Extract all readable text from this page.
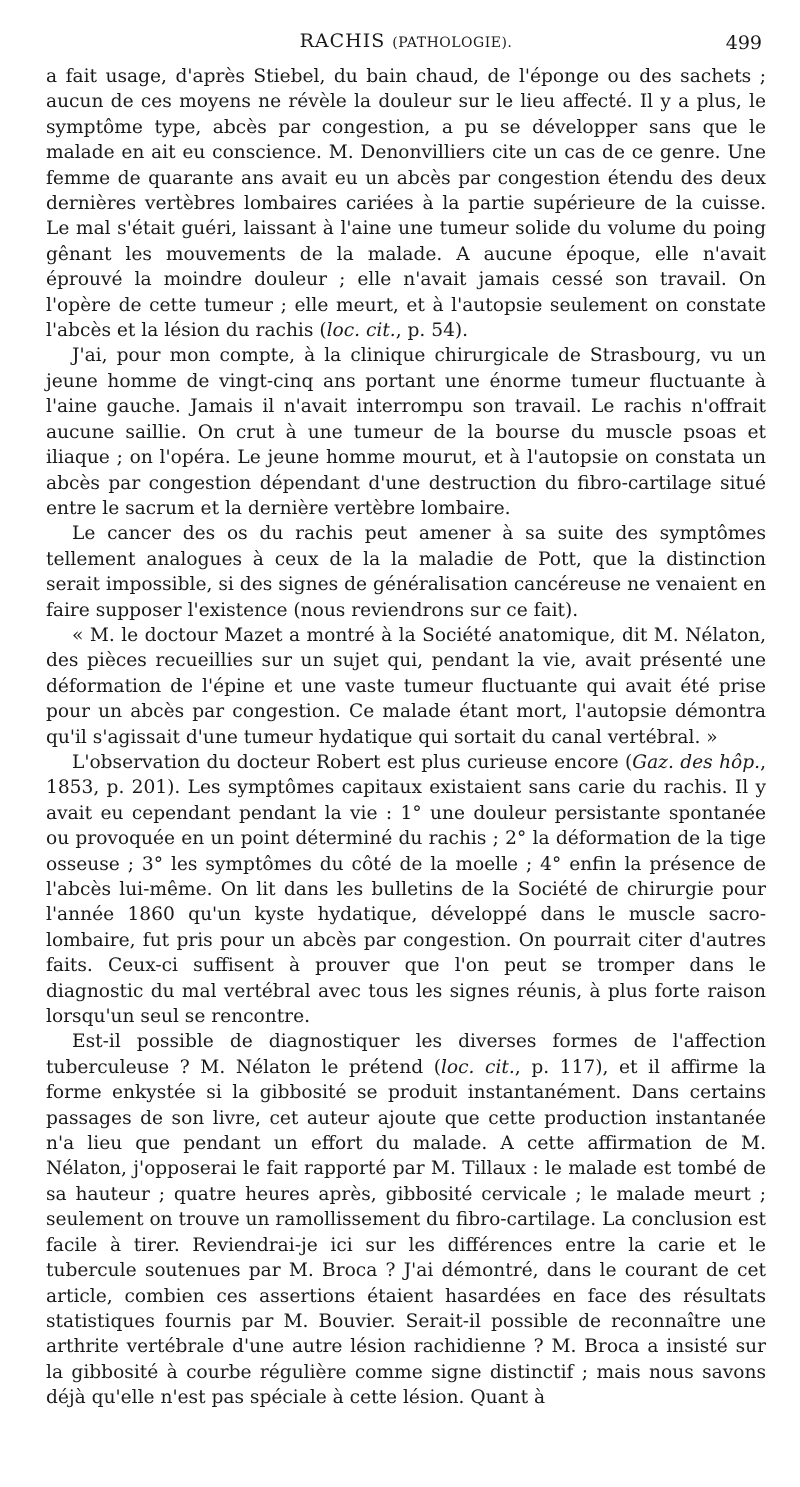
RACHIS (PATHOLOGIE).	499

a fait usage, d'après Stiebel, du bain chaud, de l'éponge ou des sachets ; aucun de ces moyens ne révèle la douleur sur le lieu affecté. Il y a plus, le symptôme type, abcès par congestion, a pu se développer sans que le malade en ait eu conscience. M. Denonvilliers cite un cas de ce genre. Une femme de quarante ans avait eu un abcès par congestion étendu des deux dernières vertèbres lombaires cariées à la partie supérieure de la cuisse. Le mal s'était guéri, laissant à l'aine une tumeur solide du volume du poing gênant les mouvements de la malade. A aucune époque, elle n'avait éprouvé la moindre douleur ; elle n'avait jamais cessé son travail. On l'opère de cette tumeur ; elle meurt, et à l'autopsie seulement on constate l'abcès et la lésion du rachis (loc. cit., p. 54).

J'ai, pour mon compte, à la clinique chirurgicale de Strasbourg, vu un jeune homme de vingt-cinq ans portant une énorme tumeur fluctuante à l'aine gauche. Jamais il n'avait interrompu son travail. Le rachis n'offrait aucune saillie. On crut à une tumeur de la bourse du muscle psoas et iliaque ; on l'opéra. Le jeune homme mourut, et à l'autopsie on constata un abcès par congestion dépendant d'une destruction du fibro-cartilage situé entre le sacrum et la dernière vertèbre lombaire.

Le cancer des os du rachis peut amener à sa suite des symptômes tellement analogues à ceux de la la maladie de Pott, que la distinction serait impossible, si des signes de généralisation cancéreuse ne venaient en faire supposer l'existence (nous reviendrons sur ce fait).

« M. le doctour Mazet a montré à la Société anatomique, dit M. Nélaton, des pièces recueillies sur un sujet qui, pendant la vie, avait présenté une déformation de l'épine et une vaste tumeur fluctuante qui avait été prise pour un abcès par congestion. Ce malade étant mort, l'autopsie démontra qu'il s'agissait d'une tumeur hydatique qui sortait du canal vertébral. »

L'observation du docteur Robert est plus curieuse encore (Gaz. des hôp., 1853, p. 201). Les symptômes capitaux existaient sans carie du rachis. Il y avait eu cependant pendant la vie : 1° une douleur persistante spontanée ou provoquée en un point déterminé du rachis ; 2° la déformation de la tige osseuse ; 3° les symptômes du côté de la moelle ; 4° enfin la présence de l'abcès lui-même. On lit dans les bulletins de la Société de chirurgie pour l'année 1860 qu'un kyste hydatique, développé dans le muscle sacro-lombaire, fut pris pour un abcès par congestion. On pourrait citer d'autres faits. Ceux-ci suffisent à prouver que l'on peut se tromper dans le diagnostic du mal vertébral avec tous les signes réunis, à plus forte raison lorsqu'un seul se rencontre.

Est-il possible de diagnostiquer les diverses formes de l'affection tuberculeuse ? M. Nélaton le prétend (loc. cit., p. 117), et il affirme la forme enkystée si la gibbosité se produit instantanément. Dans certains passages de son livre, cet auteur ajoute que cette production instantanée n'a lieu que pendant un effort du malade. A cette affirmation de M. Nélaton, j'opposerai le fait rapporté par M. Tillaux : le malade est tombé de sa hauteur ; quatre heures après, gibbosité cervicale ; le malade meurt ; seulement on trouve un ramollissement du fibro-cartilage. La conclusion est facile à tirer. Reviendrai-je ici sur les différences entre la carie et le tubercule soutenues par M. Broca ? J'ai démontré, dans le courant de cet article, combien ces assertions étaient hasardées en face des résultats statistiques fournis par M. Bouvier. Serait-il possible de reconnaître une arthrite vertébrale d'une autre lésion rachidienne ? M. Broca a insisté sur la gibbosité à courbe régulière comme signe distinctif ; mais nous savons déjà qu'elle n'est pas spéciale à cette lésion. Quant à
